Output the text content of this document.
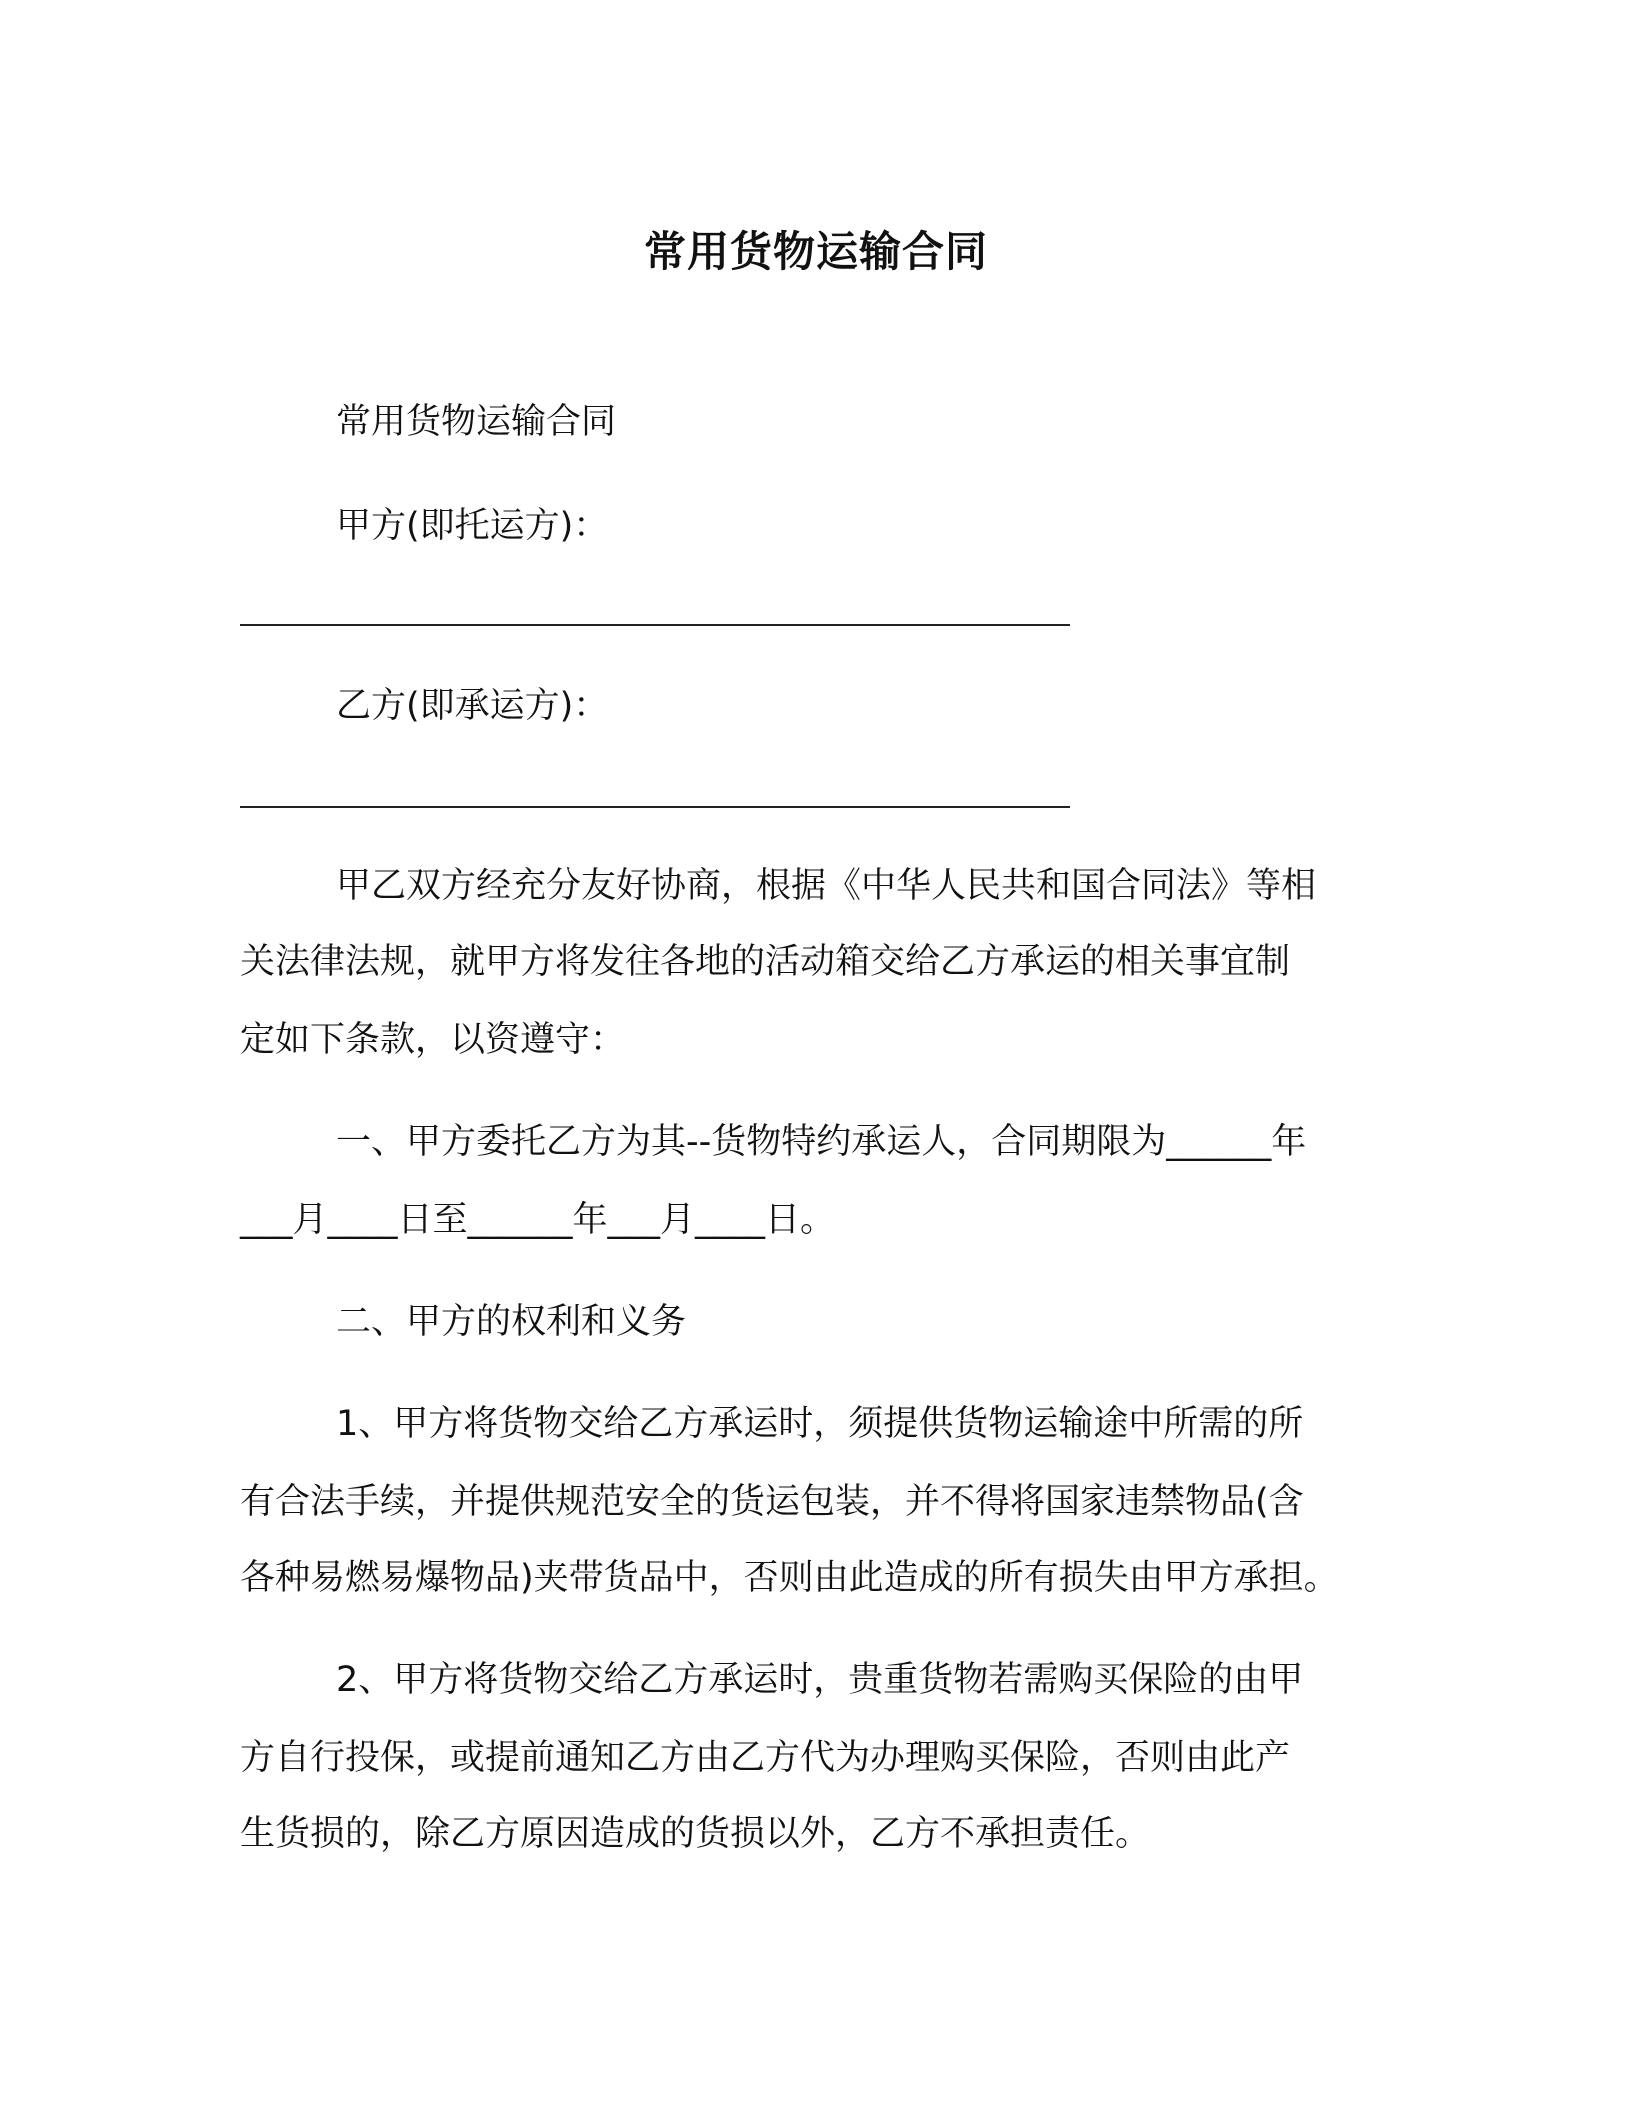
常用货物运输合同
常用货物运输合同
甲方(即托运方)：
乙方(即承运方)：
甲乙双方经充分友好协商，根据《中华人民共和国合同法》等相
关法律法规，就甲方将发往各地的活动箱交给乙方承运的相关事宜制
定如下条款，以资遵守：
一、甲方委托乙方为其--货物特约承运人，合同期限为______年
___月____日至______年___月____日。
二、甲方的权利和义务
1、甲方将货物交给乙方承运时，须提供货物运输途中所需的所
有合法手续，并提供规范安全的货运包装，并不得将国家违禁物品(含
各种易燃易爆物品)夹带货品中，否则由此造成的所有损失由甲方承担。
2、甲方将货物交给乙方承运时，贵重货物若需购买保险的由甲
方自行投保，或提前通知乙方由乙方代为办理购买保险，否则由此产
生货损的，除乙方原因造成的货损以外，乙方不承担责任。
